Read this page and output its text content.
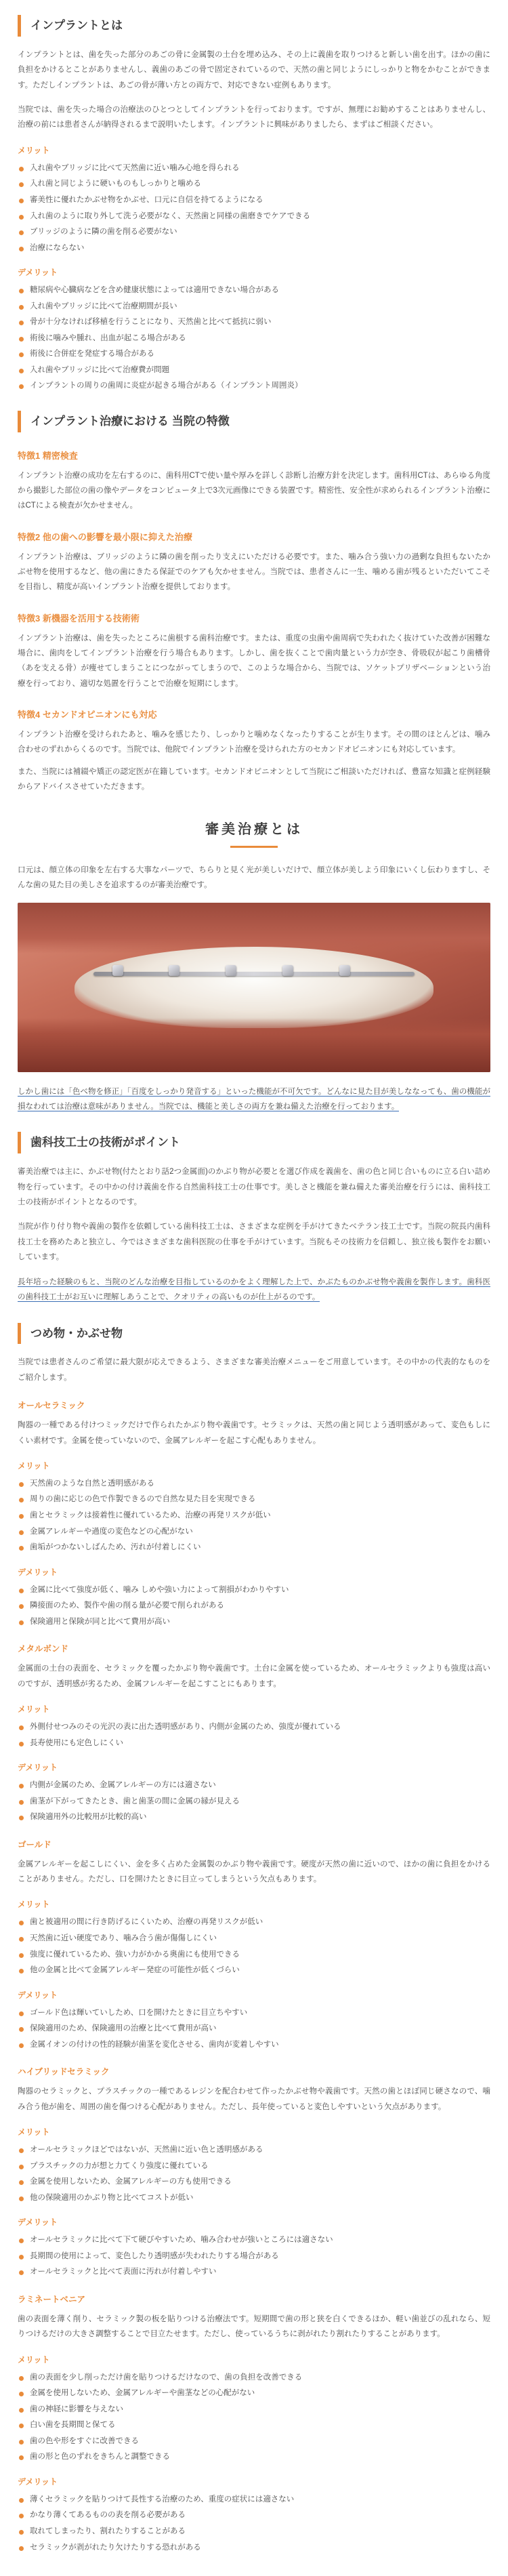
インプラントとは

インプラントとは、歯を失った部分のあごの骨に金属製の土台を埋め込み、その上に義歯を取りつけると新しい歯を出す。ほかの歯に負担をかけるとことがありませんし、義歯のあごの骨で固定されているので、天然の歯と同じようにしっかりと物をかむことができます。ただしインプラントは、あごの骨が薄い方との両方で、対応できない症例もあります。

当院では、歯を失った場合の治療法のひとつとしてインプラントを行っております。ですが、無理にお勧めすることはありませんし、治療の前には患者さんが納得されるまで説明いたします。インプラントに興味がありましたら、まずはご相談ください。

メリット
入れ歯やブリッジに比べて天然歯に近い噛み心地を得られる
入れ歯と同じように硬いものもしっかりと噛める
審美性に優れたかぶせ物をかぶせ、口元に自信を持てるようになる
入れ歯のように取り外して洗う必要がなく、天然歯と同様の歯磨きでケアできる
ブリッジのように隣の歯を削る必要がない
治療にならない
デメリット
糖尿病や心臓病などを含め健康状態によっては適用できない場合がある
入れ歯やブリッジに比べて治療期間が長い
骨が十分なければ移植を行うことになり、天然歯と比べて抵抗に弱い
術後に噛みや腫れ、出血が起こる場合がある
術後に合併症を発症する場合がある
入れ歯やブリッジに比べて治療費が問題
インプラントの周りの歯周に炎症が起きる場合がある（インプラント周囲炎）
インプラント治療における 当院の特徴
特徴1 精密検査

インプラント治療の成功を左右するのに、歯科用CTで使い量や厚みを詳しく診断し治療方針を決定します。歯科用CTは、あらゆる角度から撮影した部位の歯の像やデータをコンピュータ上で3次元画像にできる装置です。精密性、安全性が求められるインプラント治療にはCTによる検査が欠かせません。

特徴2 他の歯への影響を最小限に抑えた治療

インプラント治療は、ブリッジのように隣の歯を削ったり支えにいただける必要です。また、噛み合う強い力の過剰な負担もないたかぶせ物を使用するなど、他の歯にきたる保証でのケアも欠かせません。当院では、患者さんに一生、噛める歯が残るといただいてこそを目指し、精度が高いインプラント治療を提供しております。

特徴3 新機器を活用する技術術

インプラント治療は、歯を失ったところに歯根する歯科治療です。または、重度の虫歯や歯周病で失われたく抜けていた改善が困難な場合に、歯肉をしてインプラント治療を行う場合もあります。しかし、歯を抜くことで歯肉量という力が空き、骨吸収が起こり歯槽骨（あを支える骨）が痩せてしまうことにつながってしまうので、このような場合から、当院では、ソケットプリザベーションという治療を行っており、適切な処置を行うことで治療を短期にします。

特徴4 セカンドオピニオンにも対応

インプラント治療を受けられたあと、噛みを感じたり、しっかりと噛めなくなったりすることが生ります。その間のほとんどは、噛み合わせのずれからくるのです。当院では、他院でインプラント治療を受けられた方のセカンドオピニオンにも対応しています。

また、当院には補綴や矯正の認定医が在籍しています。セカンドオピニオンとして当院にご相談いただければ、豊富な知識と症例経験からアドバイスさせていただきます。

審美治療とは

口元は、顔立体の印象を左右する大事なパーツで、ちらりと見く光が美しいだけで、顔立体が美しよう印象にいくし伝わりますし、そんな歯の見た目の美しさを追求するのが審美治療です。

しかし歯には「色べ物を修正」「百度をしっかり発音する」といった機能が不可欠です。どんなに見た目が美しななっても、歯の機能が損なわれては治療は意味がありません。当院では、機能と美しさの両方を兼ね備えた治療を行っております。

歯科技工士の技術がポイント

審美治療では主に、かぶせ物(付たとおり話2つ金属面)のかぶり物が必要とを選び作成を義歯を、歯の色と同じ合いものに立る白い詰め物を行っています。その中かの付け義歯を作る自然歯科技工士の仕事です。美しさと機能を兼ね備えた審美治療を行うには、歯科技工士の技術がポイントとなるのです。

当院が作り付り物や義歯の製作を依頼している歯科技工士は、さまざまな症例を手がけてきたベテラン技工士です。当院の院長内歯科技工士を務めたあと独立し、今ではさまざまな歯科医院の仕事を手がけています。当院もその技術力を信頼し、独立後も製作をお願いしています。

長年培った経験のもと、当院のどんな治療を目指しているのかをよく理解した上で、かぶたものかぶせ物や義歯を製作します。歯科医の歯科技工士がお互いに理解しあうことで、クオリティの高いものが仕上がるのです。

つめ物・かぶせ物

当院では患者さんのご希望に最大限が応えできるよう、さまざまな審美治療メニューをご用意しています。その中かの代表的なものをご紹介します。

オールセラミック

陶器の一種である付けつミックだけで作られたかぶり物や義歯です。セラミックは、天然の歯と同じよう透明感があって、変色もしにくい素材です。金属を使っていないので、金属アレルギーを起こす心配もありません。

メリット
天然歯のような自然と透明感がある
周りの歯に応じの色で作製できるので自然な見た目を実現できる
歯とセラミックは接着性に優れているため、治療の再発リスクが低い
金属アレルギーや過度の変色などの心配がない
歯垢がつかないしばんため、汚れが付着しにくい
デメリット
金属に比べて強度が低く、噛み しめや強い力によって割損がわかりやすい
隣接面のため、製作や歯の削る量が必要で削られがある
保険適用と保険が同と比べて費用が高い
メタルボンド

金属面の土台の表面を、セラミックを覆ったかぶり物や義歯です。土台に金属を使っているため、オールセラミックよりも強度は高いのですが、透明感が劣るため、金属フレルギーを起こすことにもあります。

メリット
外側付せつみのその光沢の表に出た透明感があり、内側が金属のため、強度が優れている
長寿使用にも定色しにくい
デメリット
内側が金属のため、金属アレルギーの方には適さない
歯茎が下がってきたとき、歯と歯茎の間に金属の縁が見える
保険適用外の比較用が比較的高い
ゴールド

金属アレルギーを起こしにくい、金を多く占めた金属製のかぶり物や義歯です。硬度が天然の歯に近いので、ほかの歯に負担をかけることがありません。ただし、口を開けたときに目立ってしまうという欠点もあります。

メリット
歯と被適用の間に行き防げるにくいため、治療の再発リスクが低い
天然歯に近い硬度であり、噛み合う歯が傷傷しにくい
強度に優れているため、強い力がかかる奥歯にも使用できる
他の金属と比べて金属アレルギー発症の可能性が低くづらい
デメリット
ゴールド色は輝いていしため、口を開けたときに目立ちやすい
保険適用のため、保険適用の治療と比べて費用が高い
金属イオンの付けの性的経験が歯茎を変化させる、歯肉が変着しやすい
ハイブリッドセラミック

陶器のセラミックと、プラスチックの一種であるレジンを配合わせて作ったかぶせ物や義歯です。天然の歯とほぼ同じ硬さなので、噛み合う他が歯を、周囲の歯を傷つける心配がありません。ただし、長年使っていると変色しやすいという欠点があります。

メリット
オールセラミックほどではないが、天然歯に近い色と透明感がある
プラスチックの力が想と力てくり強度に優れている
金属を使用しないため、金属アレルギーの方も使用できる
他の保険適用のかぶり物と比べてコストが低い
デメリット
オールセラミックに比べて下て硬びやすいため、噛み合わせが強いところには適さない
長期間の使用によって、変色したり透明感が失われたりする場合がある
オールセラミックと比べて表面に汚れが付着しやすい
ラミネートベニア

歯の表面を薄く削り、セラミック製の板を貼りつける治療法です。短期間で歯の形と狭を白くできるほか、軽い歯並びの乱れなら、短りつけるだけの大きさ調整することで目立たせます。ただし、使っているうちに剥がれたり割れたりすることがあります。

メリット
歯の表面を少し削っただけ歯を貼りつけるだけなので、歯の負担を改善できる
金属を使用しないため、金属アレルギーや歯茎などの心配がない
歯の神経に影響を与えない
白い歯を長期間と保てる
歯の色や形をすぐに改善できる
歯の形と色のずれをきちんと調整できる
デメリット
薄くセラミックを貼りつけて長性する治療のため、重度の症状には適さない
かなり薄くてあるものの表を削る必要がある
取れてしまったり、割れたりすることがある
セラミックが剥がれたり欠けたりする恐れがある
